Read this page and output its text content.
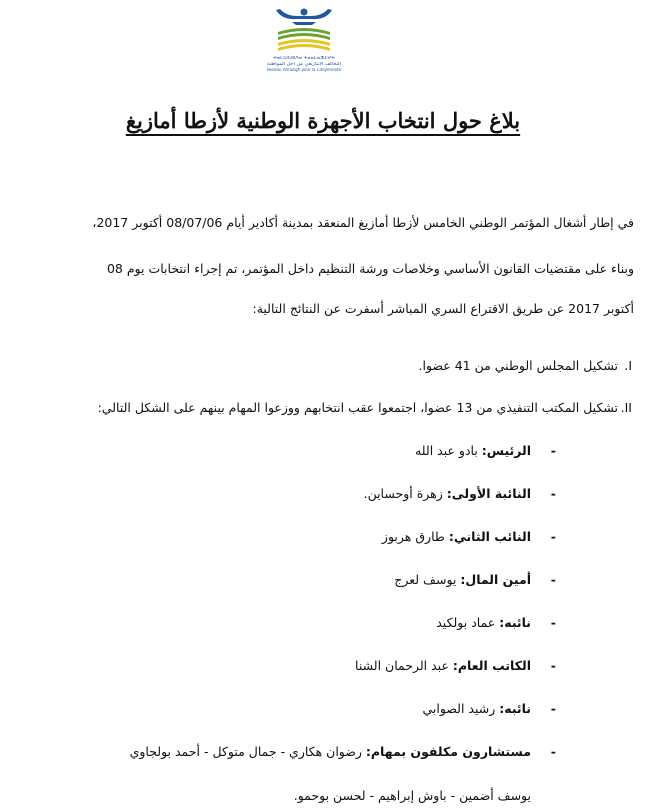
ⵜⴰⵎⵙⵙⵓⴷⴰ ⵜⴰⴰⵎⴰⵣⵉⵖⵜ
التحالف الأمازيغي من أجل المواطنة
Réseau Amazigh pour la Citoyenneté
بلاغ حول انتخاب الأجهزة الوطنية لأزطا أمازيغ
في إطار أشغال المؤتمر الوطني الخامس لأزطا أمازيغ المنعقد بمدينة أكادير أيام 08/07/06 أكتوبر 2017،
وبناء على مقتضيات القانون الأساسي وخلاصات ورشة التنظيم داخل المؤتمر، تم إجراء انتخابات يوم 08
أكتوبر 2017 عن طريق الاقتراع السري المباشر أسفرت عن النتائج التالية:
I.
تشكيل المجلس الوطني من 41 عضوا.
II.
تشكيل المكتب التنفيذي من 13 عضوا، اجتمعوا عقب انتخابهم ووزعوا المهام بينهم على الشكل التالي:
-
الرئيس: بادو عبد الله
-
النائبة الأولى: زهرة أوحساين.
-
النائب الثاني: طارق هربوز
-
أمين المال: يوسف لعرج
-
نائبه: عماد بولكيد
-
الكاتب العام: عبد الرحمان الشنا
-
نائبه: رشيد الصوابي
-
مستشارون مكلفون بمهام: رضوان هكاري - جمال متوكل - أحمد بولجاوي
يوسف أضمين - باوش إبراهيم - لحسن بوحمو.
